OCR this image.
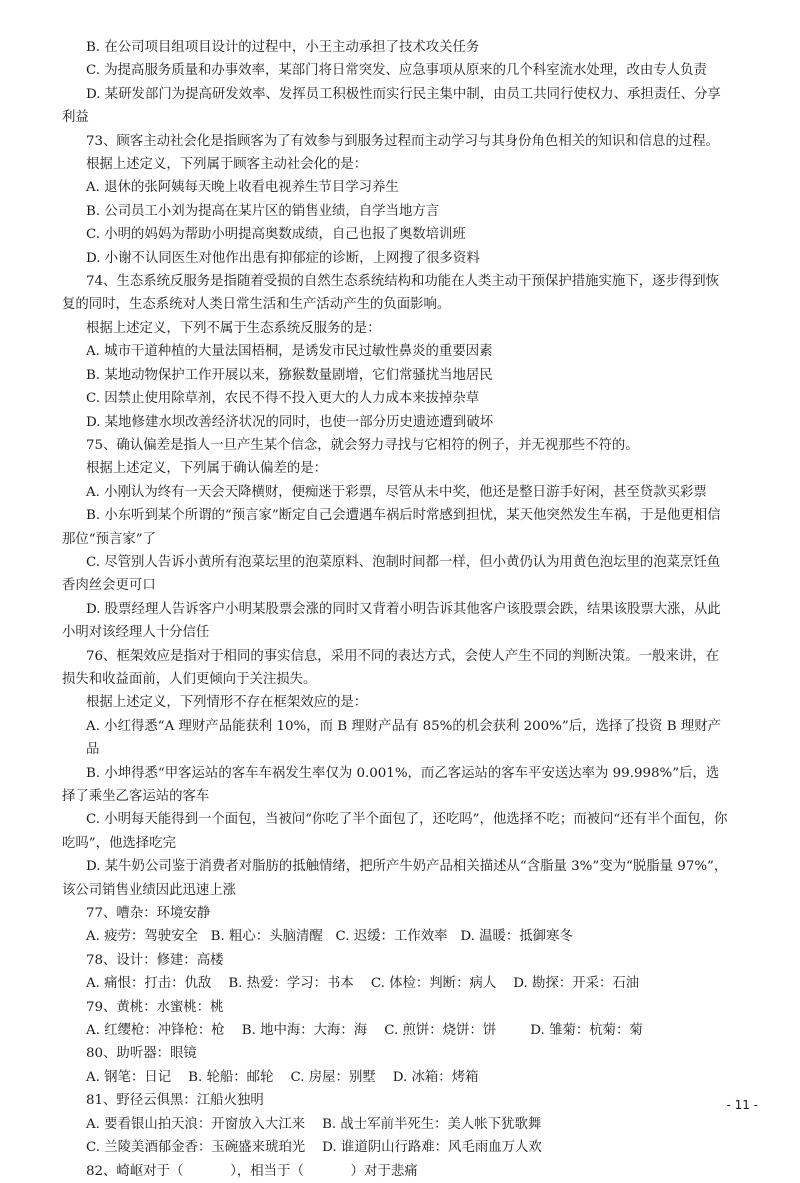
B. 在公司项目组项目设计的过程中，小王主动承担了技术攻关任务

C. 为提高服务质量和办事效率，某部门将日常突发、应急事项从原来的几个科室流水处理，改由专人负责

D. 某研发部门为提高研发效率、发挥员工积极性而实行民主集中制，由员工共同行使权力、承担责任、分享利益

73、顾客主动社会化是指顾客为了有效参与到服务过程而主动学习与其身份角色相关的知识和信息的过程。

根据上述定义，下列属于顾客主动社会化的是：

A. 退休的张阿姨每天晚上收看电视养生节目学习养生

B. 公司员工小刘为提高在某片区的销售业绩，自学当地方言

C. 小明的妈妈为帮助小明提高奥数成绩，自己也报了奥数培训班

D. 小谢不认同医生对他作出患有抑郁症的诊断，上网搜了很多资料

74、生态系统反服务是指随着受损的自然生态系统结构和功能在人类主动干预保护措施实施下，逐步得到恢复的同时，生态系统对人类日常生活和生产活动产生的负面影响。

根据上述定义，下列不属于生态系统反服务的是：

A. 城市干道种植的大量法国梧桐，是诱发市民过敏性鼻炎的重要因素

B. 某地动物保护工作开展以来，猕猴数量剧增，它们常骚扰当地居民

C. 因禁止使用除草剂，农民不得不投入更大的人力成本来拔掉杂草

D. 某地修建水坝改善经济状况的同时，也使一部分历史遗迹遭到破坏

75、确认偏差是指人一旦产生某个信念，就会努力寻找与它相符的例子，并无视那些不符的。

根据上述定义，下列属于确认偏差的是：

A. 小刚认为终有一天会天降横财，便痴迷于彩票，尽管从未中奖，他还是整日游手好闲，甚至贷款买彩票

B. 小东听到某个所谓的“预言家”断定自己会遭遇车祸后时常感到担忧，某天他突然发生车祸，于是他更相信那位“预言家”了

C. 尽管别人告诉小黄所有泡菜坛里的泡菜原料、泡制时间都一样，但小黄仍认为用黄色泡坛里的泡菜烹饪鱼香肉丝会更可口

D. 股票经理人告诉客户小明某股票会涨的同时又背着小明告诉其他客户该股票会跌，结果该股票大涨，从此小明对该经理人十分信任

76、框架效应是指对于相同的事实信息，采用不同的表达方式，会使人产生不同的判断决策。一般来讲，在损失和收益面前，人们更倾向于关注损失。

根据上述定义，下列情形不存在框架效应的是：

A. 小红得悉“A 理财产品能获利 10%，而 B 理财产品有 85%的机会获利 200%”后，选择了投资 B 理财产品

B. 小坤得悉“甲客运站的客车车祸发生率仅为 0.001%，而乙客运站的客车平安送达率为 99.998%”后，选择了乘坐乙客运站的客车

C. 小明每天能得到一个面包，当被问“你吃了半个面包了，还吃吗”，他选择不吃；而被问“还有半个面包，你吃吗”，他选择吃完

D. 某牛奶公司鉴于消费者对脂肪的抵触情绪，把所产牛奶产品相关描述从“含脂量 3%”变为“脱脂量 97%”，该公司销售业绩因此迅速上涨

77、嘈杂：环境安静

A. 疲劳：驾驶安全   B. 粗心：头脑清醒   C. 迟缓：工作效率   D. 温暖：抵御寒冬

78、设计：修建：高楼

A. 痛恨：打击：仇敌    B. 热爱：学习：书本    C. 体检：判断：病人    D. 勘探：开采：石油

79、黄桃：水蜜桃：桃

A. 红缨枪：冲锋枪：枪    B. 地中海：大海：海    C. 煎饼：烧饼：饼        D. 雏菊：杭菊：菊

80、助听器：眼镜

A. 钢笔：日记    B. 轮船：邮轮    C. 房屋：别墅    D. 冰箱：烤箱

81、野径云俱黑：江船火独明

A. 要看银山拍天浪：开窗放入大江来    B. 战士军前半死生：美人帐下犹歌舞

C. 兰陵美酒郁金香：玉碗盛来琥珀光    D. 谁道阴山行路难：风毛雨血万人欢

82、崎岖对于（           ），相当于（           ）对于悲痛

- 11 -
